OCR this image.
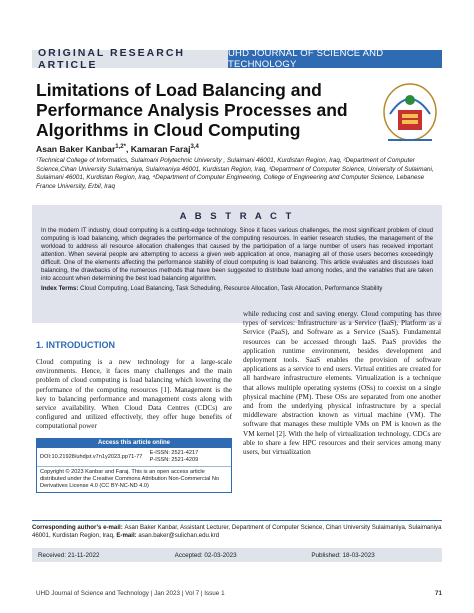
ORIGINAL RESEARCH ARTICLE
UHD JOURNAL OF SCIENCE AND TECHNOLOGY
Limitations of Load Balancing and Performance Analysis Processes and Algorithms in Cloud Computing
Asan Baker Kanbar$^{1,2*}$, Kamaran Faraj$^{3,4}$

¹Technical College of Informatics, Sulaimani Polytechnic University , Sulaimani 46001, Kurdistan Region, Iraq, ²Department of Computer Science,Cihan University Sulaimaniya, Sulaimaniya 46001, Kurdistan Region, Iraq, ³Department of Computer Science, University of Sulaimani, Sulaimani 46001, Kurdistan Region, Iraq, ⁴Department of Computer Engineering, College of Engineering and Computer Science, Lebanese France University, Erbil, Iraq

A B S T R A C T

In the modern IT industry, cloud computing is a cutting-edge technology. Since it faces various challenges, the most significant problem of cloud computing is load balancing, which degrades the performance of the computing resources. In earlier research studies, the management of the workload to address all resource allocation challenges that caused by the participation of a large number of users has received important attention. When several people are attempting to access a given web application at once, managing all of those users becomes exceedingly difficult. One of the elements affecting the performance stability of cloud computing is load balancing. This article evaluates and discusses load balancing, the drawbacks of the numerous methods that have been suggested to distribute load among nodes, and the variables that are taken into account when determining the best load balancing algorithm.

Index Terms: Cloud Computing, Load Balancing, Task Scheduling, Resource Allocation, Task Allocation, Performance Stability

1. INTRODUCTION

Cloud computing is a new technology for a large-scale environments. Hence, it faces many challenges and the main problem of cloud computing is load balancing which lowering the performance of the computing resources [1]. Management is the key to balancing performance and management costs along with service availability. When Cloud Data Centres (CDCs) are configured and utilized effectively, they offer huge benefits of computational power

while reducing cost and saving energy. Cloud computing has three types of services: Infrastructure as a Service (IaaS), Platform as a Service (PaaS), and Software as a Service (SaaS). Fundamental resources can be accessed through IaaS. PaaS provides the application runtime environment, besides development and deployment tools. SaaS enables the provision of software applications as a service to end users. Virtual entities are created for all hardware infrastructure elements. Virtualization is a technique that allows multiple operating systems (OSs) to coexist on a single physical machine (PM). These OSs are separated from one another and from the underlying physical infrastructure by a special middleware abstraction known as virtual machine (VM). The software that manages these multiple VMs on PM is known as the VM kernel [2]. With the help of virtualization technology, CDCs are able to share a few HPC resources and their services among many users, but virtualization

Access this article online
DOI:10.21928/uhdjst.v7n1y2023.pp71-77
E-ISSN: 2521-4217
P-ISSN: 2521-4209
Copyright © 2023 Kanbar and Faraj. This is an open access article distributed under the Creative Commons Attribution Non-Commercial No Derivatives License 4.0 (CC BY-NC-ND 4.0)
Corresponding author’s e-mail: Asan Baker Kanbar, Assistant Lecturer, Department of Computer Science, Cihan University Sulaimaniya, Sulaimaniya 46001, Kurdistan Region, Iraq, E-mail: asan.baker@sulichan.edu.krd
Received: 21-11-2022	Accepted: 02-03-2023	Published: 18-03-2023
UHD Journal of Science and Technology | Jan 2023 | Vol 7 | Issue 1	71
